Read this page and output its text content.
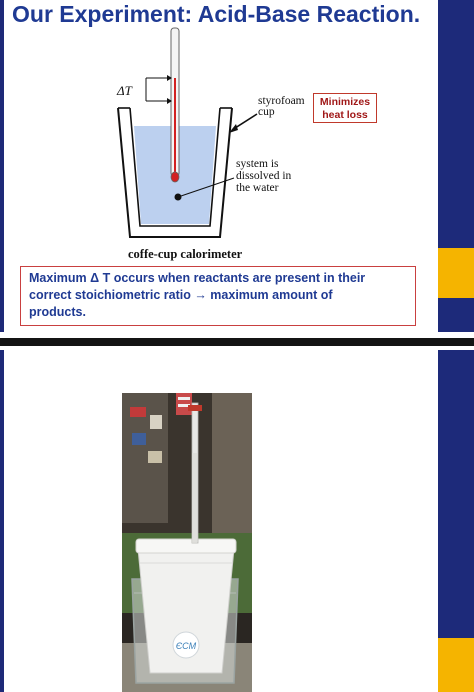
Our Experiment: Acid-Base Reaction.
ΔT
styrofoam
cup
system is
dissolved in
the water
coffe-cup calorimeter
Minimizes
heat loss
Maximum Δ T occurs when reactants are present in their
correct stoichiometric ratio → maximum amount of
products.
ЄCM
